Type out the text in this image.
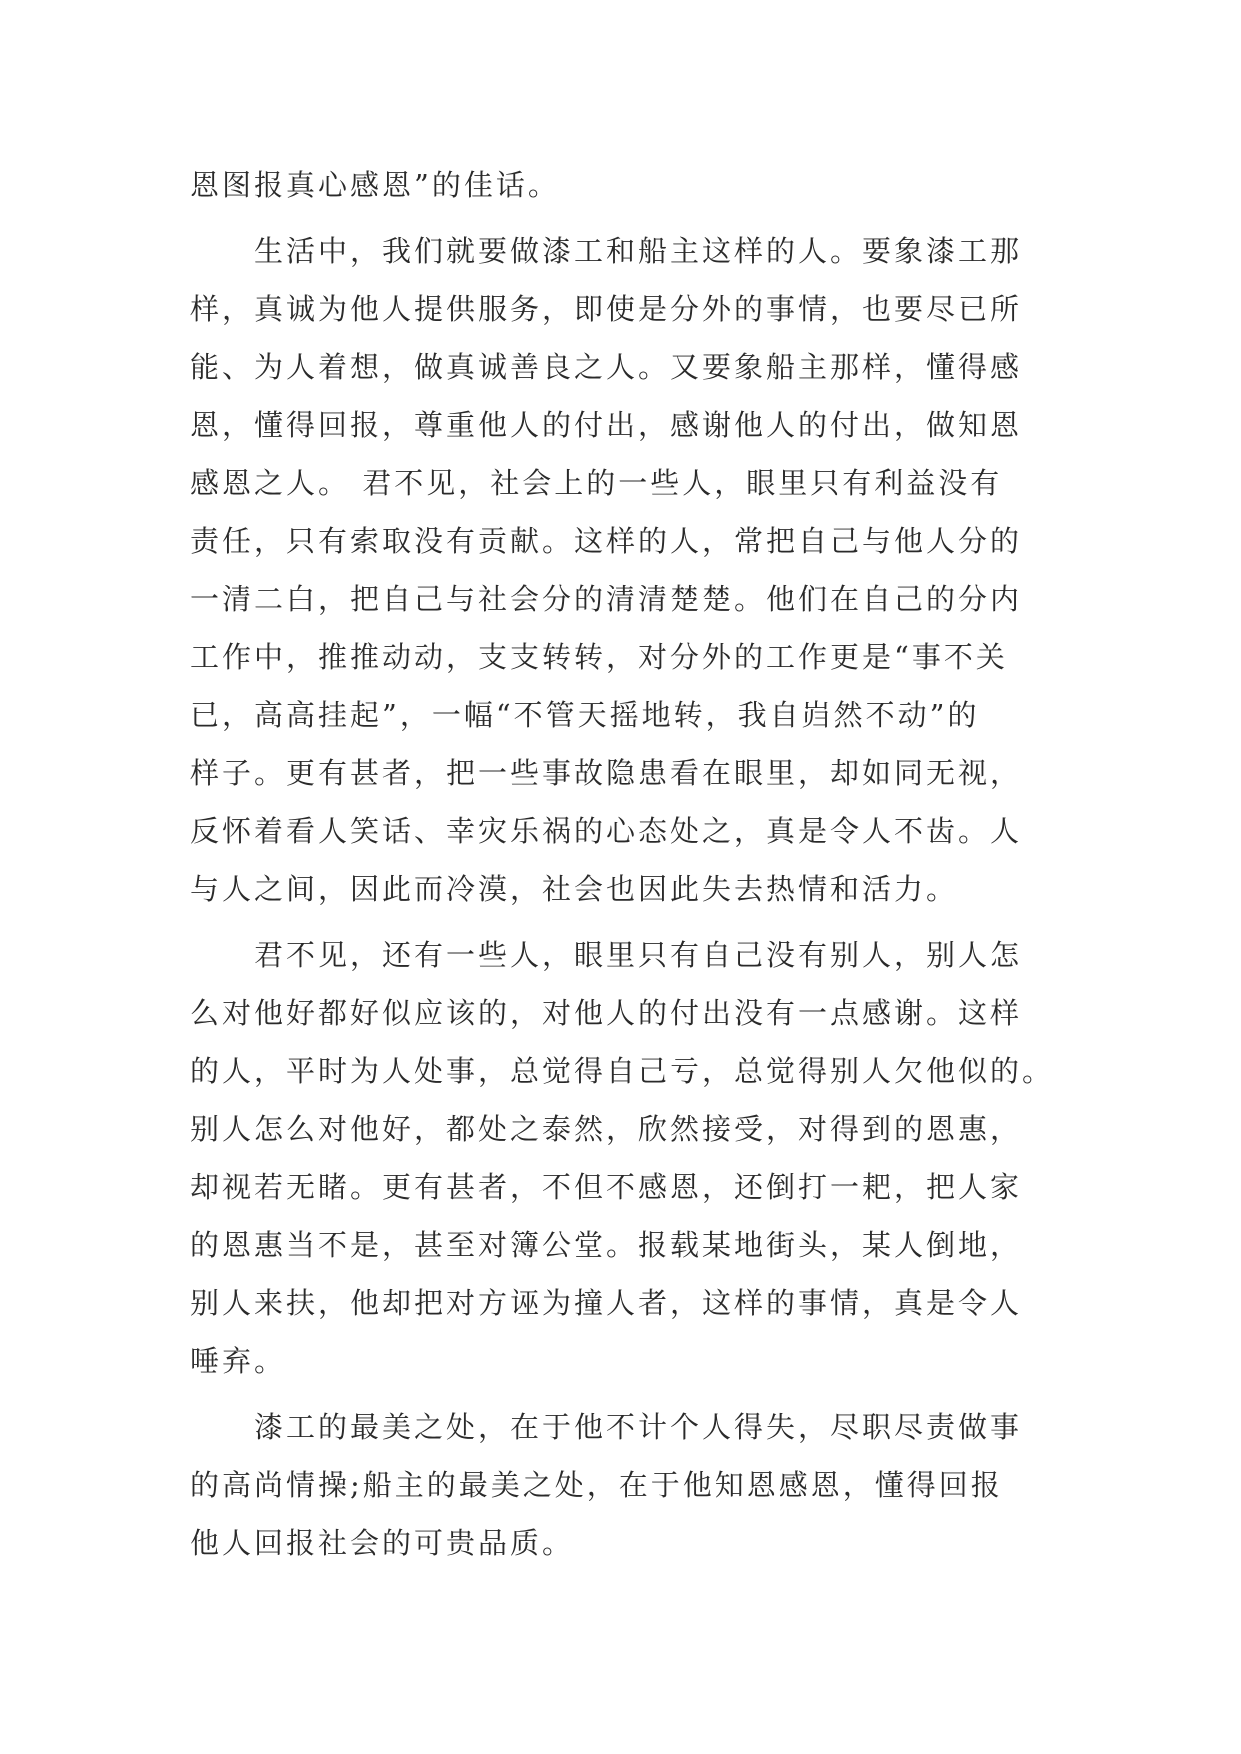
恩图报真心感恩”的佳话。

生活中，我们就要做漆工和船主这样的人。要象漆工那
样，真诚为他人提供服务，即使是分外的事情，也要尽已所
能、为人着想，做真诚善良之人。又要象船主那样，懂得感
恩，懂得回报，尊重他人的付出，感谢他人的付出，做知恩
感恩之人。 君不见，社会上的一些人，眼里只有利益没有
责任，只有索取没有贡献。这样的人，常把自己与他人分的
一清二白，把自己与社会分的清清楚楚。他们在自己的分内
工作中，推推动动，支支转转，对分外的工作更是“事不关
已，高高挂起”，一幅“不管天摇地转，我自岿然不动”的
样子。更有甚者，把一些事故隐患看在眼里，却如同无视，
反怀着看人笑话、幸灾乐祸的心态处之，真是令人不齿。人
与人之间，因此而冷漠，社会也因此失去热情和活力。

君不见，还有一些人，眼里只有自己没有别人，别人怎
么对他好都好似应该的，对他人的付出没有一点感谢。这样
的人，平时为人处事，总觉得自己亏，总觉得别人欠他似的。
别人怎么对他好，都处之泰然，欣然接受，对得到的恩惠，
却视若无睹。更有甚者，不但不感恩，还倒打一耙，把人家
的恩惠当不是，甚至对簿公堂。报载某地街头，某人倒地，
别人来扶，他却把对方诬为撞人者，这样的事情，真是令人
唾弃。

漆工的最美之处，在于他不计个人得失，尽职尽责做事
的高尚情操;船主的最美之处，在于他知恩感恩，懂得回报
他人回报社会的可贵品质。
